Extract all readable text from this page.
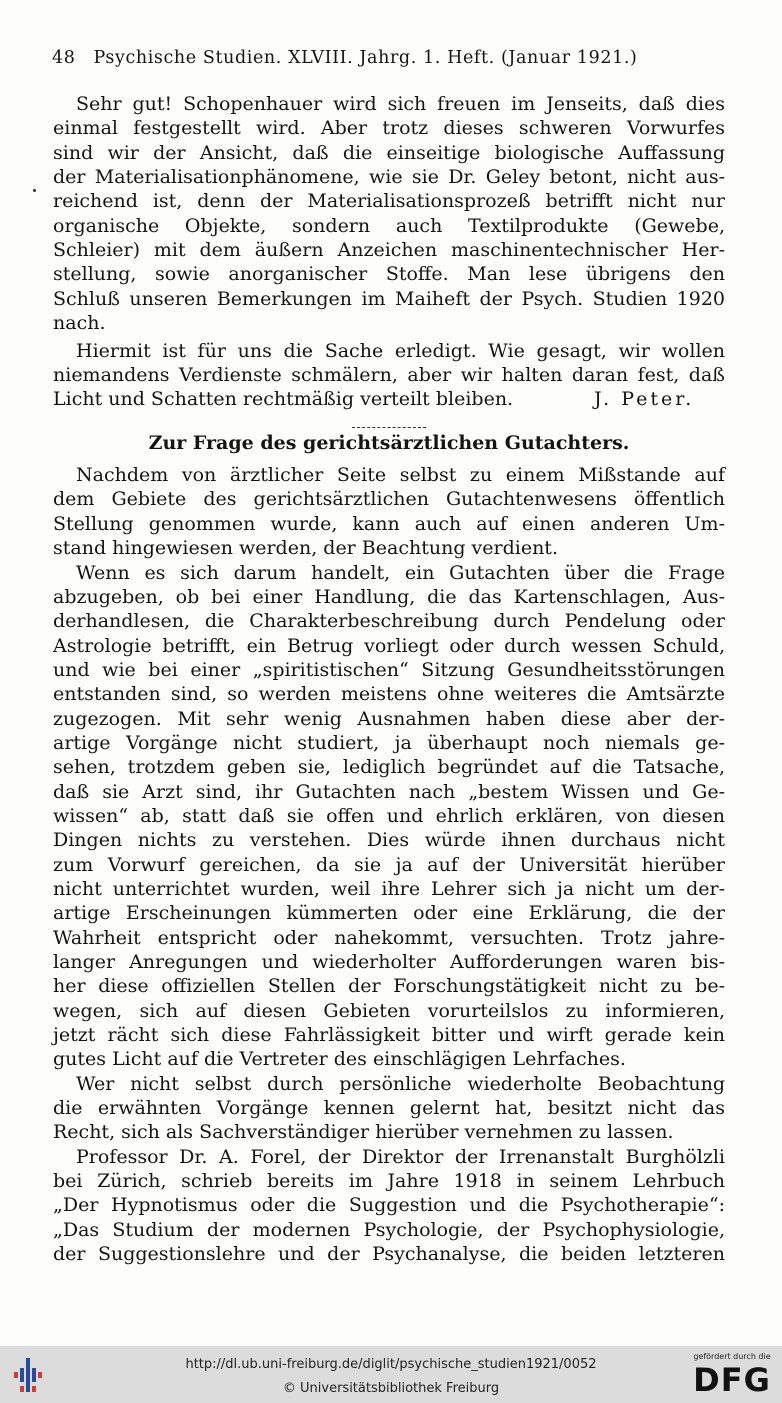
48 Psychische Studien. XLVIII. Jahrg. 1. Heft. (Januar 1921.)
Sehr gut! Schopenhauer wird sich freuen im Jenseits, daß dies
einmal festgestellt wird. Aber trotz dieses schweren Vorwurfes
sind wir der Ansicht, daß die einseitige biologische Auffassung
der Materialisationphänomene, wie sie Dr. Geley betont, nicht aus-
reichend ist, denn der Materialisationsprozeß betrifft nicht nur
organische Objekte, sondern auch Textilprodukte (Gewebe,
Schleier) mit dem äußern Anzeichen maschinentechnischer Her-
stellung, sowie anorganischer Stoffe. Man lese übrigens den
Schluß unseren Bemerkungen im Maiheft der Psych. Studien 1920
nach.
Hiermit ist für uns die Sache erledigt. Wie gesagt, wir wollen
niemandens Verdienste schmälern, aber wir halten daran fest, daß
Licht und Schatten rechtmäßig verteilt bleiben.	J. Peter.
Zur Frage des gerichtsärztlichen Gutachters.
Nachdem von ärztlicher Seite selbst zu einem Mißstande auf
dem Gebiete des gerichtsärztlichen Gutachtenwesens öffentlich
Stellung genommen wurde, kann auch auf einen anderen Um-
stand hingewiesen werden, der Beachtung verdient.
Wenn es sich darum handelt, ein Gutachten über die Frage
abzugeben, ob bei einer Handlung, die das Kartenschlagen, Aus-
derhandlesen, die Charakterbeschreibung durch Pendelung oder
Astrologie betrifft, ein Betrug vorliegt oder durch wessen Schuld,
und wie bei einer „spiritistischen“ Sitzung Gesundheitsstörungen
entstanden sind, so werden meistens ohne weiteres die Amtsärzte
zugezogen. Mit sehr wenig Ausnahmen haben diese aber der-
artige Vorgänge nicht studiert, ja überhaupt noch niemals ge-
sehen, trotzdem geben sie, lediglich begründet auf die Tatsache,
daß sie Arzt sind, ihr Gutachten nach „bestem Wissen und Ge-
wissen“ ab, statt daß sie offen und ehrlich erklären, von diesen
Dingen nichts zu verstehen. Dies würde ihnen durchaus nicht
zum Vorwurf gereichen, da sie ja auf der Universität hierüber
nicht unterrichtet wurden, weil ihre Lehrer sich ja nicht um der-
artige Erscheinungen kümmerten oder eine Erklärung, die der
Wahrheit entspricht oder nahekommt, versuchten. Trotz jahre-
langer Anregungen und wiederholter Aufforderungen waren bis-
her diese offiziellen Stellen der Forschungstätigkeit nicht zu be-
wegen, sich auf diesen Gebieten vorurteilslos zu informieren,
jetzt rächt sich diese Fahrlässigkeit bitter und wirft gerade kein
gutes Licht auf die Vertreter des einschlägigen Lehrfaches.
Wer nicht selbst durch persönliche wiederholte Beobachtung
die erwähnten Vorgänge kennen gelernt hat, besitzt nicht das
Recht, sich als Sachverständiger hierüber vernehmen zu lassen.
Professor Dr. A. Forel, der Direktor der Irrenanstalt Burghölzli
bei Zürich, schrieb bereits im Jahre 1918 in seinem Lehrbuch
„Der Hypnotismus oder die Suggestion und die Psychotherapie“:
„Das Studium der modernen Psychologie, der Psychophysiologie,
der Suggestionslehre und der Psychanalyse, die beiden letzteren
http://dl.ub.uni-freiburg.de/diglit/psychische_studien1921/0052
© Universitätsbibliothek Freiburg
gefördert durch die
DFG
